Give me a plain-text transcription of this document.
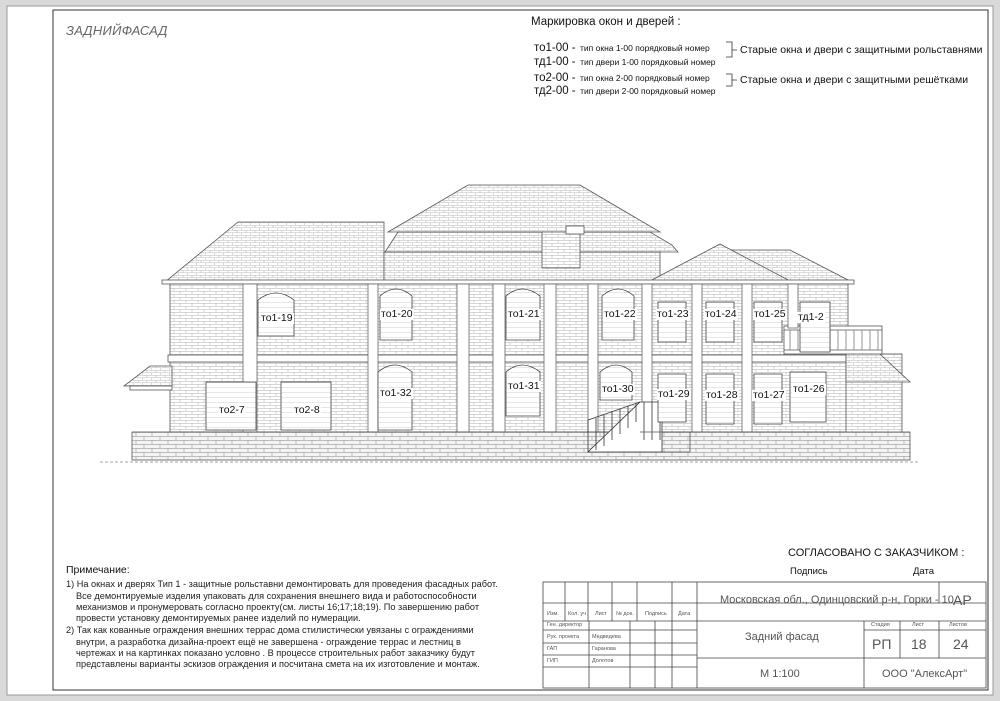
ЗАДНИЙФАСАД
Маркировка окон и дверей :
то1-00 - тип окна 1-00 порядковый номер
тд1-00 - тип двери 1-00 порядковый номер
то2-00 - тип окна 2-00 порядковый номер
тд2-00 - тип двери 2-00 порядковый номер
Старые окна и двери с защитными рольставнями
Старые окна и двери с защитными решётками
то1-19	то1-20	то1-21	то1-22 то1-23 то1-24 то1-25 тд1-2
то2-7	то2-8
то1-32
то1-31	то1-30 то1-29 то1-28 то1-27 то1-26
Примечание:
1) На окнах и дверях Тип 1 - защитные рольставни демонтировать для проведения фасадных работ.
Все демонтируемые изделия упаковать для сохранения внешнего вида и работоспособности
механизмов и пронумеровать согласно проекту(см. листы 16;17;18;19). По завершению работ
провести установку демонтируемых ранее изделий по нумерации.
2) Так как кованные ограждения внешних террас дома стилистически увязаны с ограждениями
внутри, а разработка дизайна-проект ещё не завершена - ограждение террас и лестниц в
чертежах и на картинках показано условно . В процессе строительных работ заказчику будут
представлены варианты эскизов ограждения и посчитана смета на их изготовление и монтаж.
СОГЛАСОВАНО С ЗАКАЗЧИКОМ :
Подпись	Дата
Изм. Кол. уч Лист № док. Подпись Дата
Ген. директор
Рук. проекта Медведева
ГАП	Гаранова
ГИП	Долотов
Московская обл., Одинцовский р-н, Горки - 10 АР
Задний фасад
Стадия	Лист	Листов
РП 18 24
М 1:100	ООО "АлексАрт"
